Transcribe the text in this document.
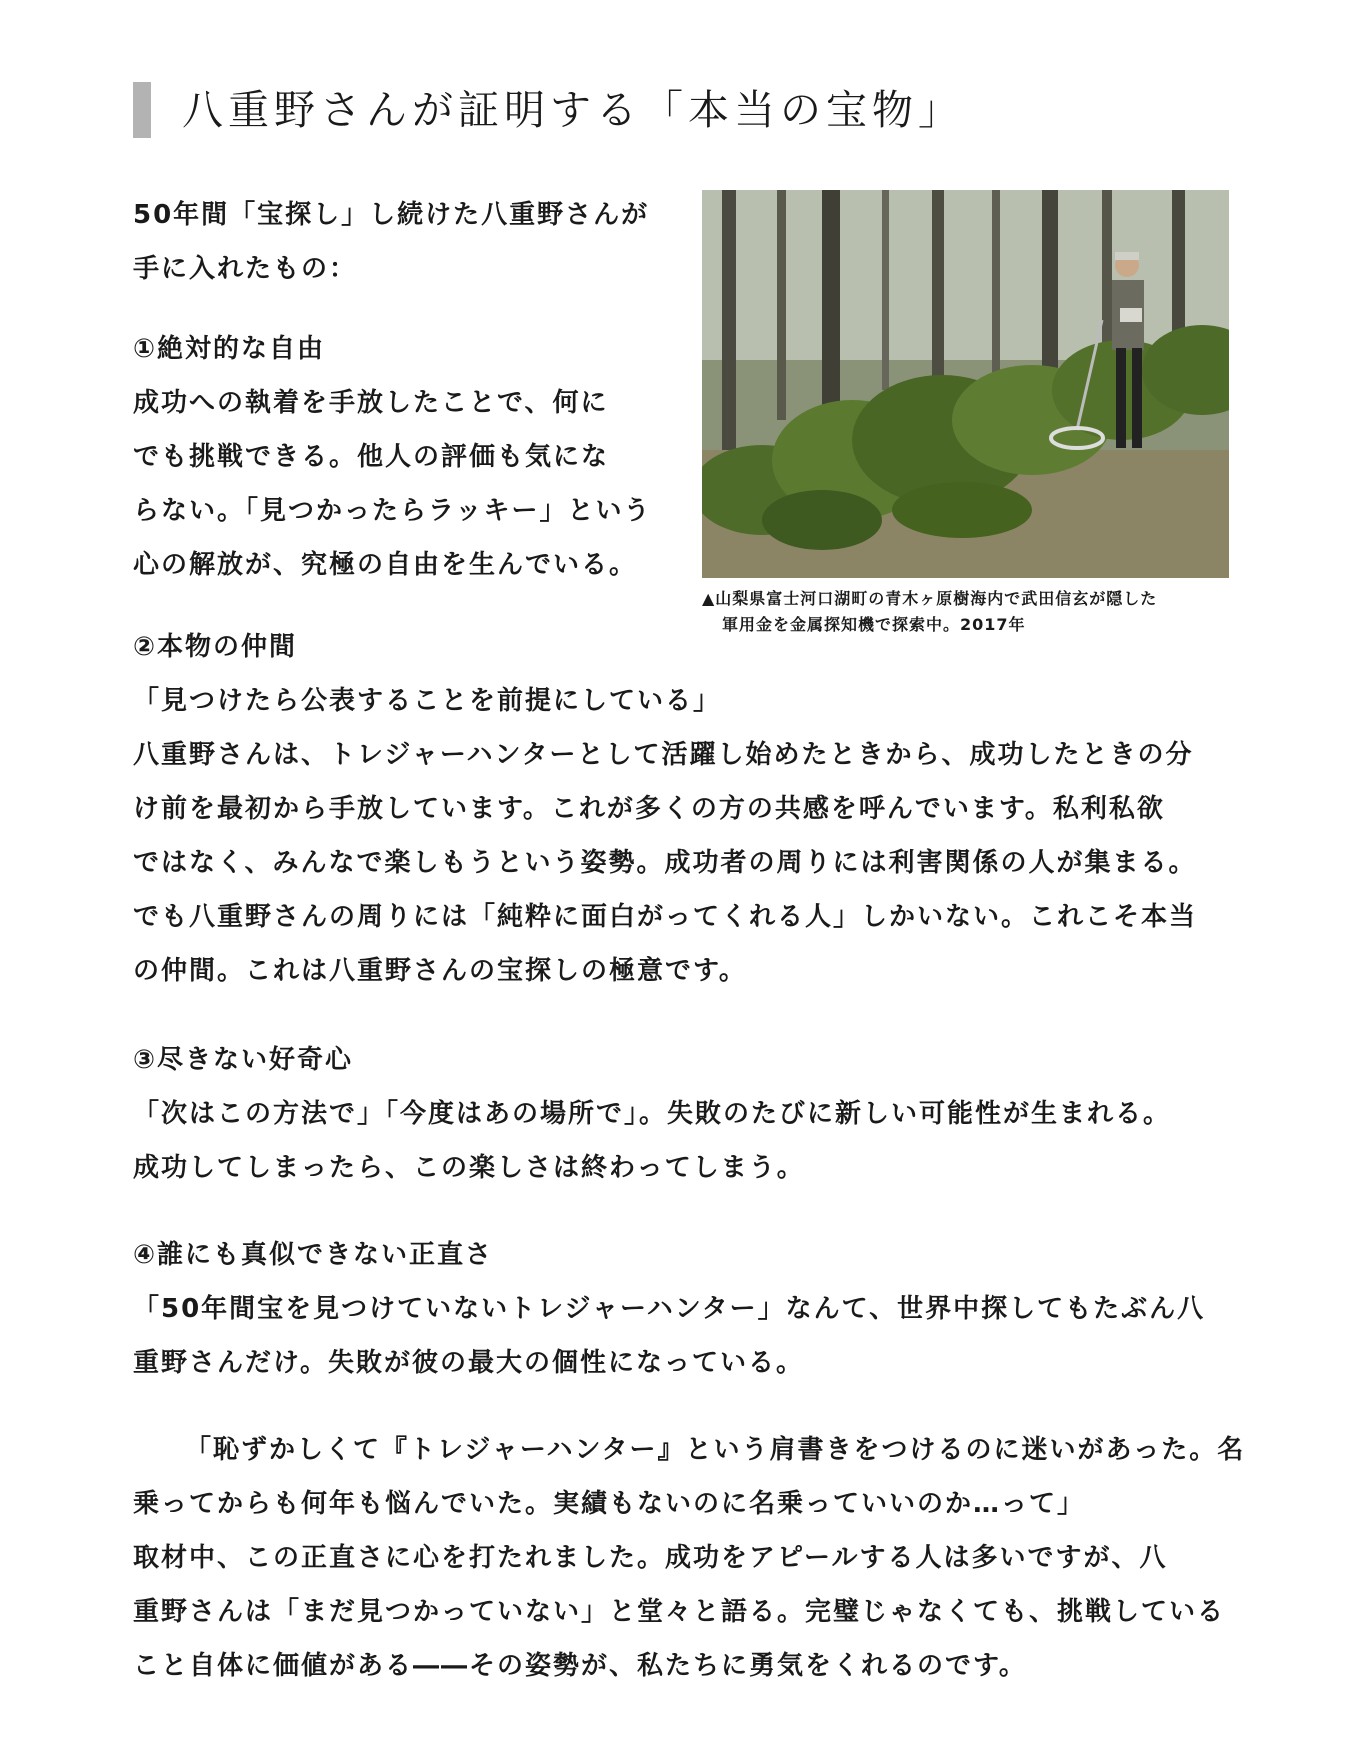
八重野さんが証明する「本当の宝物」
50年間「宝探し」し続けた八重野さんが
手に入れたもの：
①絶対的な自由
成功への執着を手放したことで、何に
でも挑戦できる。他人の評価も気にな
らない。「見つかったらラッキー」という
心の解放が、究極の自由を生んでいる。

▲山梨県富士河口湖町の青木ヶ原樹海内で武田信玄が隠した
軍用金を金属探知機で探索中。2017年

②本物の仲間
「見つけたら公表することを前提にしている」
八重野さんは、トレジャーハンターとして活躍し始めたときから、成功したときの分
け前を最初から手放しています。これが多くの方の共感を呼んでいます。私利私欲
ではなく、みんなで楽しもうという姿勢。成功者の周りには利害関係の人が集まる。
でも八重野さんの周りには「純粋に面白がってくれる人」しかいない。これこそ本当
の仲間。これは八重野さんの宝探しの極意です。
③尽きない好奇心
「次はこの方法で」「今度はあの場所で」。失敗のたびに新しい可能性が生まれる。
成功してしまったら、この楽しさは終わってしまう。
④誰にも真似できない正直さ
「50年間宝を見つけていないトレジャーハンター」なんて、世界中探してもたぶん八
重野さんだけ。失敗が彼の最大の個性になっている。
「恥ずかしくて『トレジャーハンター』という肩書きをつけるのに迷いがあった。名
乗ってからも何年も悩んでいた。実績もないのに名乗っていいのか…って」
取材中、この正直さに心を打たれました。成功をアピールする人は多いですが、八
重野さんは「まだ見つかっていない」と堂々と語る。完璧じゃなくても、挑戦している
こと自体に価値がある――その姿勢が、私たちに勇気をくれるのです。
